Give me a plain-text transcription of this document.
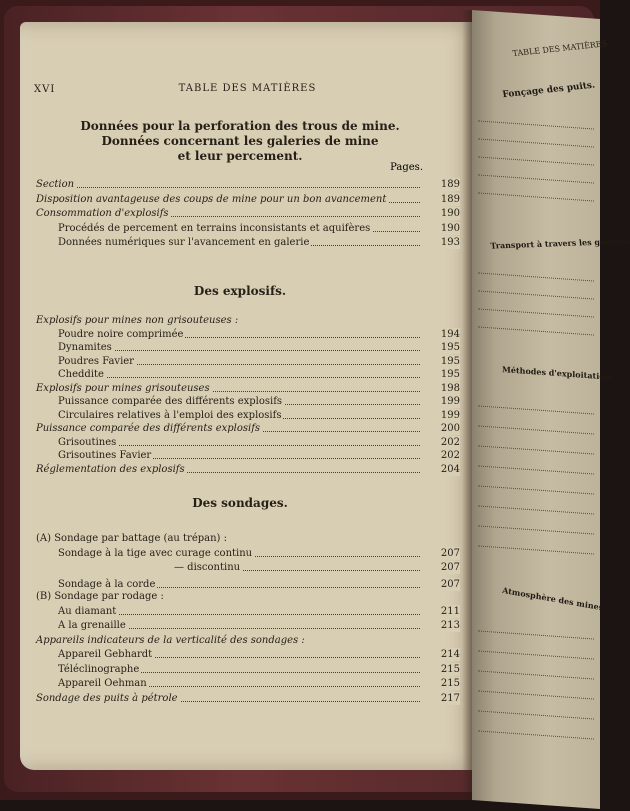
XVI	TABLE DES MATIÈRES
Données pour la perforation des trous de mine.
Données concernant les galeries de mine
et leur percement.
Pages.
Section	189
Disposition avantageuse des coups de mine pour un bon avancement	189
Consommation d'explosifs	190
Procédés de percement en terrains inconsistants et aquifères	190
Données numériques sur l'avancement en galerie	193
Des explosifs.
Explosifs pour mines non grisouteuses :
Poudre noire comprimée	194
Dynamites	195
Poudres Favier	195
Cheddite	195
Explosifs pour mines grisouteuses	198
Puissance comparée des différents explosifs	199
Circulaires relatives à l'emploi des explosifs	199
Puissance comparée des différents explosifs	200
Grisoutines	202
Grisoutines Favier	202
Réglementation des explosifs	204
Des sondages.
(A) Sondage par battage (au trépan) :
Sondage à la tige avec curage continu	207
— discontinu	207
Sondage à la corde	207
(B) Sondage par rodage :
Au diamant	211
A la grenaille	213
Appareils indicateurs de la verticalité des sondages :
Appareil Gebhardt	214
Téléclinographe	215
Appareil Oehman	215
Sondage des puits à pétrole	217
TABLE DES MATIÈRES
Fonçage des puits.
Transport à travers les galeries
Méthodes d'exploitation.
Atmosphère des mines
